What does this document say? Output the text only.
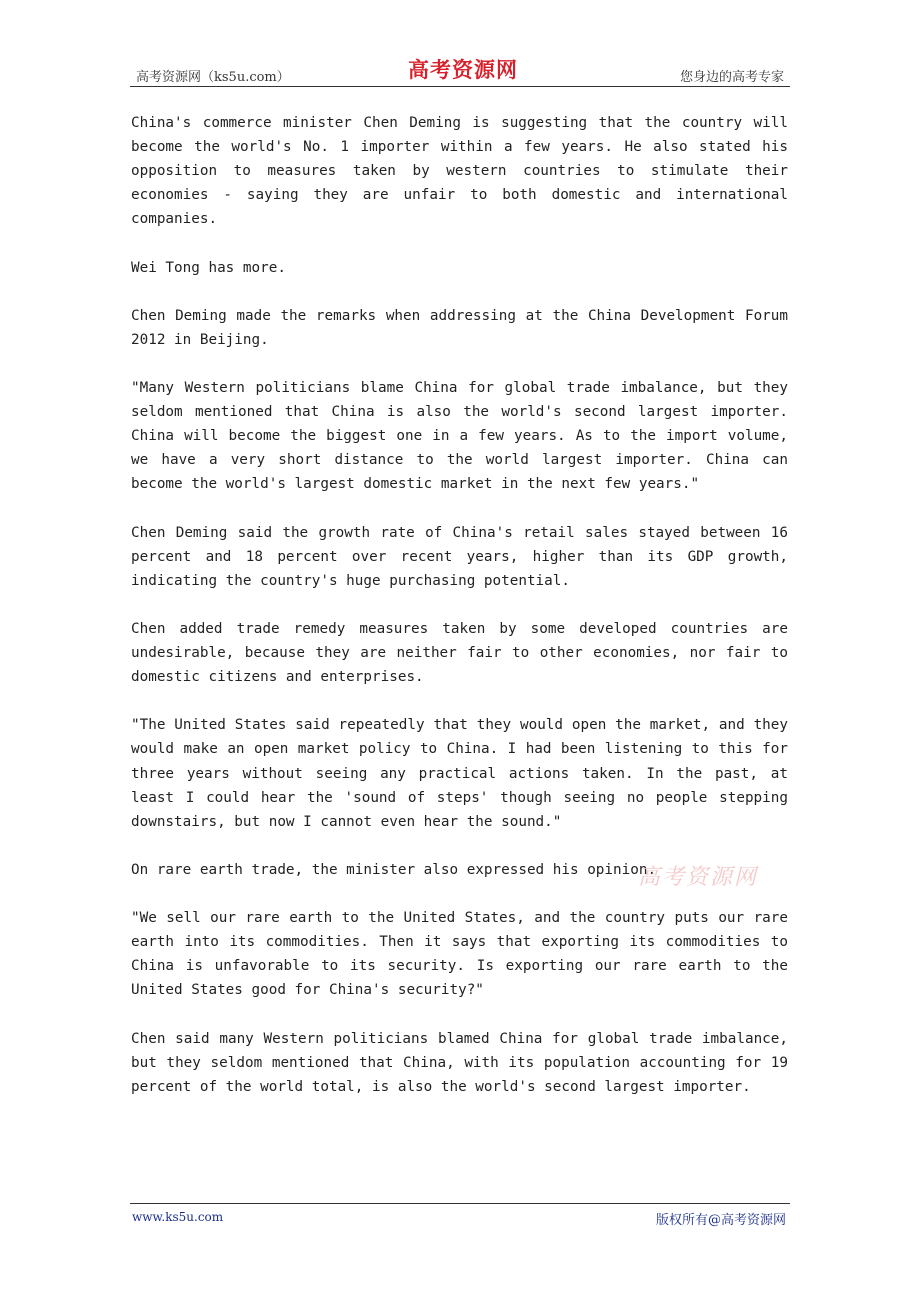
高考资源网（ks5u.com）	高考资源网	您身边的高考专家

China's commerce minister Chen Deming is suggesting that the country will become the world's No. 1 importer within a few years. He also stated his opposition to measures taken by western countries to stimulate their economies - saying they are unfair to both domestic and international companies.

Wei Tong has more.

Chen Deming made the remarks when addressing at the China Development Forum 2012 in Beijing.

"Many Western politicians blame China for global trade imbalance, but they seldom mentioned that China is also the world's second largest importer. China will become the biggest one in a few years. As to the import volume, we have a very short distance to the world largest importer. China can become the world's largest domestic market in the next few years."

Chen Deming said the growth rate of China's retail sales stayed between 16 percent and 18 percent over recent years, higher than its GDP growth, indicating the country's huge purchasing potential.

Chen added trade remedy measures taken by some developed countries are undesirable, because they are neither fair to other economies, nor fair to domestic citizens and enterprises.

"The United States said repeatedly that they would open the market, and they would make an open market policy to China. I had been listening to this for three years without seeing any practical actions taken. In the past, at least I could hear the 'sound of steps' though seeing no people stepping downstairs, but now I cannot even hear the sound."

On rare earth trade, the minister also expressed his opinion.

"We sell our rare earth to the United States, and the country puts our rare earth into its commodities. Then it says that exporting its commodities to China is unfavorable to its security. Is exporting our rare earth to the United States good for China's security?"

Chen said many Western politicians blamed China for global trade imbalance, but they seldom mentioned that China, with its population accounting for 19 percent of the world total, is also the world's second largest importer.

高考资源网
www.ks5u.com	版权所有@高考资源网
